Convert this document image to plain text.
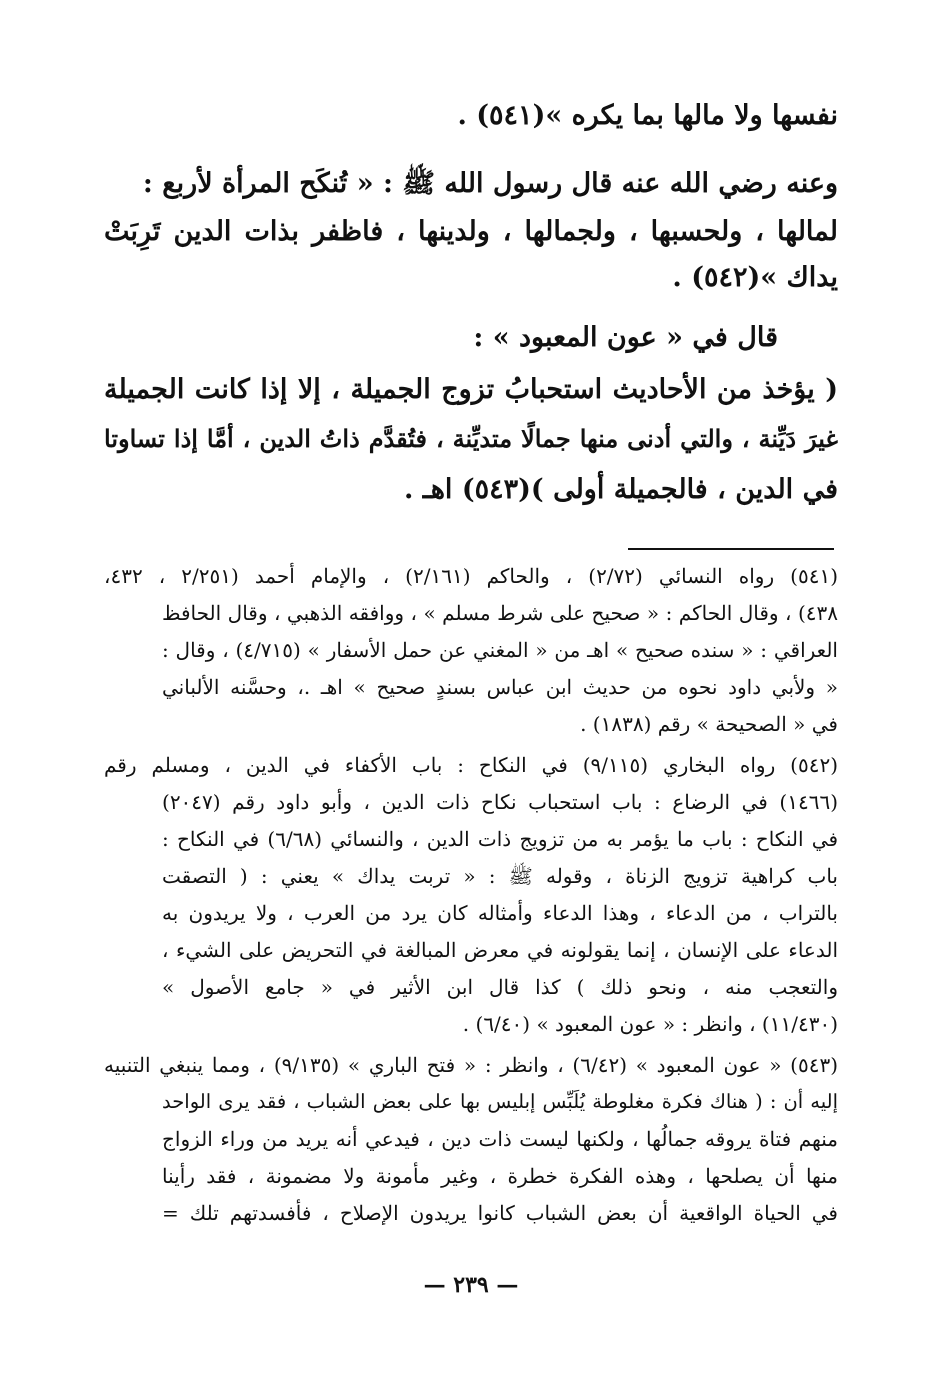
نفسها ولا مالها بما يكره »(٥٤١) .
وعنه رضي الله عنه قال رسول الله ﷺ : « تُنكَح المرأة لأربع :
لمالها ، ولحسبها ، ولجمالها ، ولدينها ، فاظفر بذات الدين تَرِبَتْ
يداك »(٥٤٢) .
قال في « عون المعبود » :
( يؤخذ من الأحاديث استحبابُ تزوج الجميلة ، إلا إذا كانت الجميلة
غيرَ دَيِّنة ، والتي أدنى منها جمالًا متديِّنة ، فتُقدَّم ذاتُ الدين ، أمَّا إذا تساوتا
في الدين ، فالجميلة أولى )(٥٤٣) اهـ .
(٥٤١) رواه النسائي (٢/٧٢) ، والحاكم (٢/١٦١) ، والإمام أحمد (٢/٢٥١ ، ٤٣٢،
٤٣٨) ، وقال الحاكم : « صحيح على شرط مسلم » ، ووافقه الذهبي ، وقال الحافظ
العراقي : « سنده صحيح » اهـ من « المغني عن حمل الأسفار » (٤/٧١٥) ، وقال :
« ولأبي داود نحوه من حديث ابن عباس بسندٍ صحيح » اهـ .، وحسَّنه الألباني
في « الصحيحة » رقم (١٨٣٨) .
(٥٤٢) رواه البخاري (٩/١١٥) في النكاح : باب الأكفاء في الدين ، ومسلم رقم
(١٤٦٦) في الرضاع : باب استحباب نكاح ذات الدين ، وأبو داود رقم (٢٠٤٧)
في النكاح : باب ما يؤمر به من تزويج ذات الدين ، والنسائي (٦/٦٨) في النكاح :
باب كراهية تزويج الزناة ، وقوله ﷺ : « تربت يداك » يعني : ( التصقت
بالتراب ، من الدعاء ، وهذا الدعاء وأمثاله كان يرد من العرب ، ولا يريدون به
الدعاء على الإنسان ، إنما يقولونه في معرض المبالغة في التحريض على الشيء ،
والتعجب منه ، ونحو ذلك ) كذا قال ابن الأثير في « جامع الأصول »
(١١/٤٣٠) ، وانظر : « عون المعبود » (٦/٤٠) .
(٥٤٣) « عون المعبود » (٦/٤٢) ، وانظر : « فتح الباري » (٩/١٣٥) ، ومما ينبغي التنبيه
إليه أن : ( هناك فكرة مغلوطة يُلَبِّس إبليس بها على بعض الشباب ، فقد يرى الواحد
منهم فتاة يروقه جمالُها ، ولكنها ليست ذات دين ، فيدعي أنه يريد من وراء الزواج
منها أن يصلحها ، وهذه الفكرة خطرة ، وغير مأمونة ولا مضمونة ، فقد رأينا
في الحياة الواقعية أن بعض الشباب كانوا يريدون الإصلاح ، فأفسدتهم تلك =
— ٢٣٩ —
